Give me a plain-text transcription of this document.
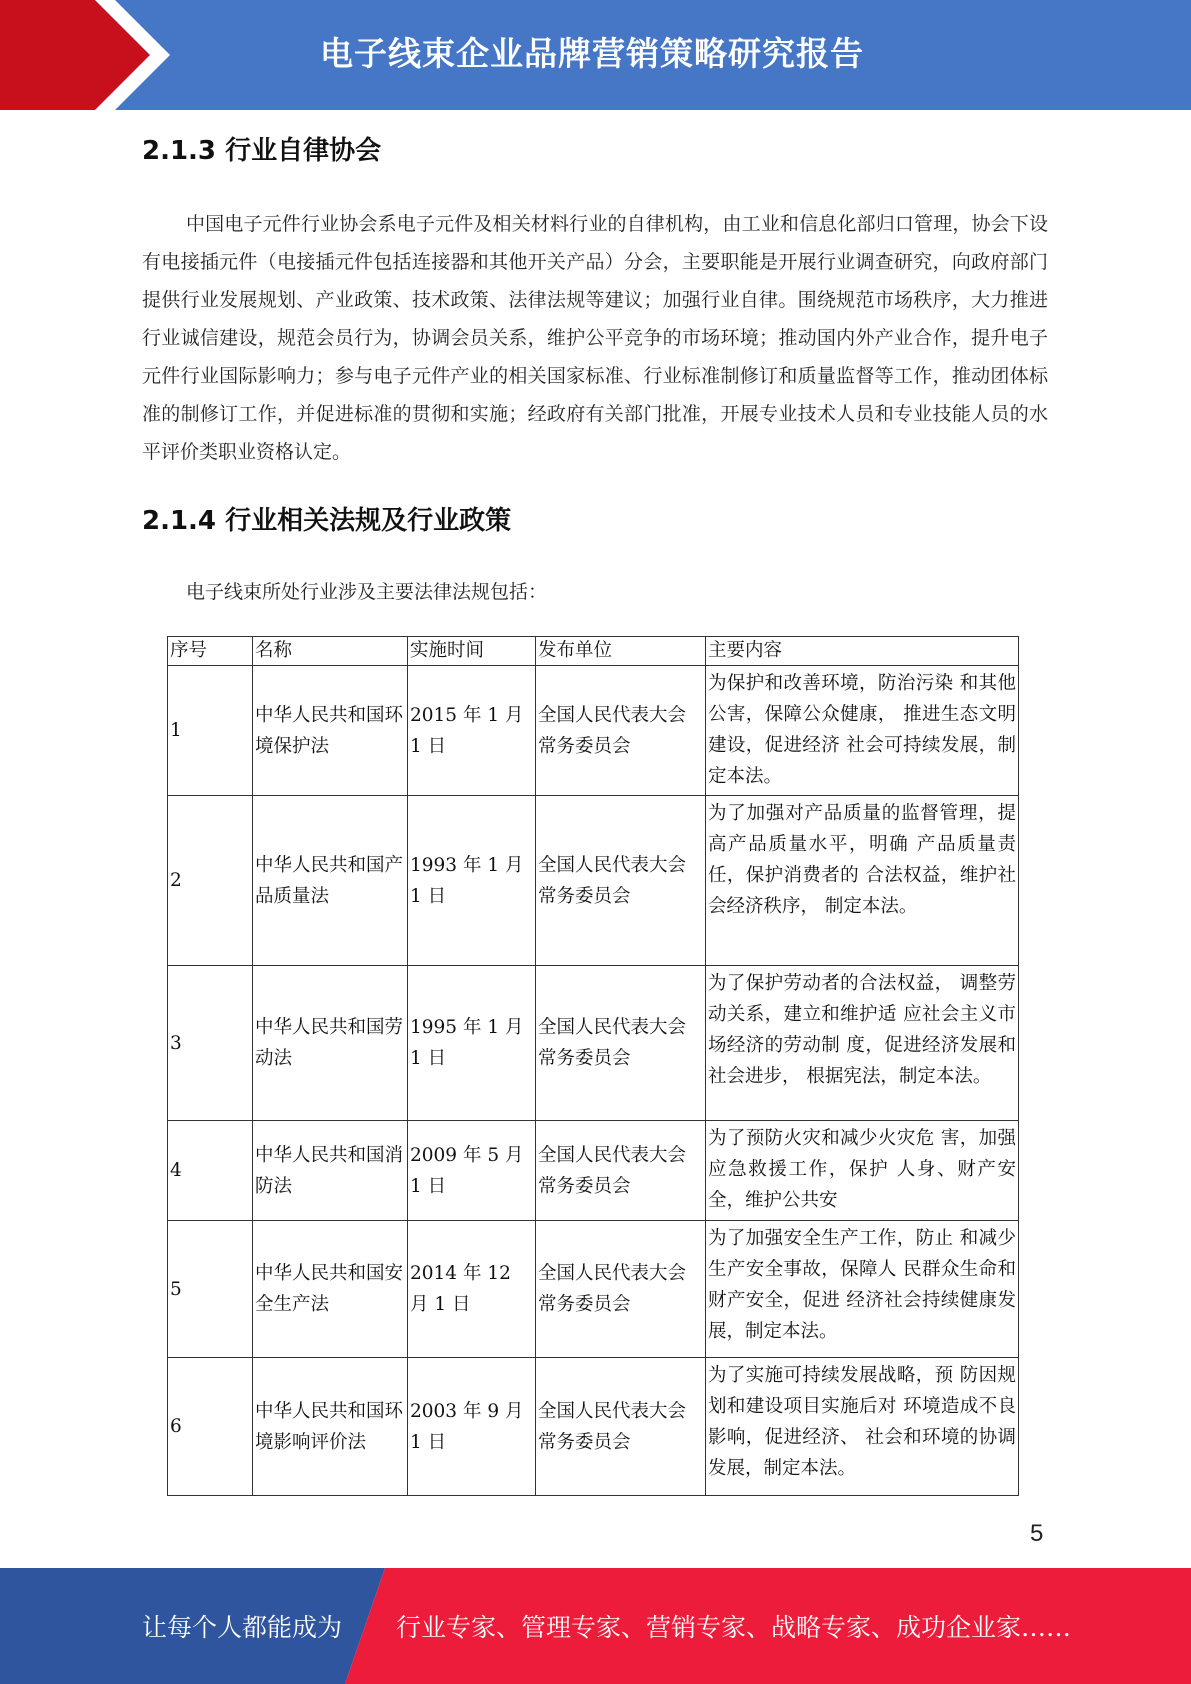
电子线束企业品牌营销策略研究报告
2.1.3 行业自律协会
中国电子元件行业协会系电子元件及相关材料行业的自律机构，由工业和信息化部归口管理，协会下设有电接插元件（电接插元件包括连接器和其他开关产品）分会，主要职能是开展行业调查研究，向政府部门提供行业发展规划、产业政策、技术政策、法律法规等建议；加强行业自律。围绕规范市场秩序，大力推进行业诚信建设，规范会员行为，协调会员关系，维护公平竞争的市场环境；推动国内外产业合作，提升电子元件行业国际影响力；参与电子元件产业的相关国家标准、行业标准制修订和质量监督等工作，推动团体标准的制修订工作，并促进标准的贯彻和实施；经政府有关部门批准，开展专业技术人员和专业技能人员的水平评价类职业资格认定。
2.1.4 行业相关法规及行业政策
电子线束所处行业涉及主要法律法规包括：
序号	名称	实施时间	发布单位	主要内容
1	中华人民共和国环境保护法	2015 年 1 月 1 日	全国人民代表大会常务委员会	为保护和改善环境，防治污染 和其他公害，保障公众健康， 推进生态文明建设，促进经济 社会可持续发展，制定本法。
2	中华人民共和国产品质量法	1993 年 1 月 1 日	全国人民代表大会常务委员会	为了加强对产品质量的监督管理，提高产品质量水平，明确 产品质量责任，保护消费者的 合法权益，维护社会经济秩序， 制定本法。
3	中华人民共和国劳动法	1995 年 1 月 1 日	全国人民代表大会常务委员会	为了保护劳动者的合法权益， 调整劳动关系，建立和维护适 应社会主义市场经济的劳动制 度，促进经济发展和社会进步， 根据宪法，制定本法。
4	中华人民共和国消防法	2009 年 5 月 1 日	全国人民代表大会常务委员会	为了预防火灾和减少火灾危 害，加强应急救援工作，保护 人身、财产安全，维护公共安
5	中华人民共和国安全生产法	2014 年 12 月 1 日	全国人民代表大会常务委员会	为了加强安全生产工作，防止 和减少生产安全事故，保障人 民群众生命和财产安全，促进 经济社会持续健康发展，制定本法。
6	中华人民共和国环境影响评价法	2003 年 9 月 1 日	全国人民代表大会常务委员会	为了实施可持续发展战略，预 防因规划和建设项目实施后对 环境造成不良影响，促进经济、 社会和环境的协调发展，制定本法。
5
让每个人都能成为 行业专家、管理专家、营销专家、战略专家、成功企业家……
